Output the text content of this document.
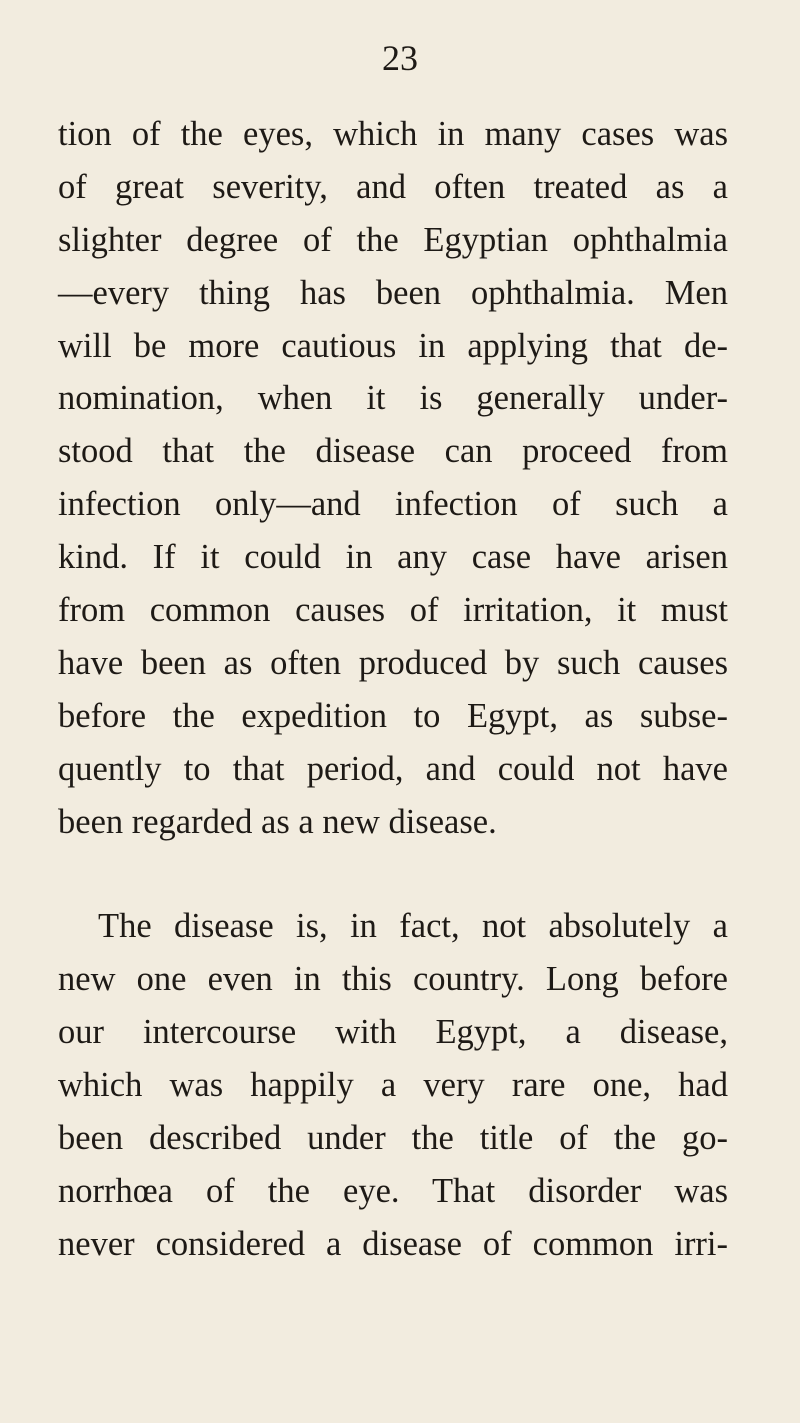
23
tion of the eyes, which in many cases was
of great severity, and often treated as a
slighter degree of the Egyptian ophthalmia
—every thing has been ophthalmia. Men
will be more cautious in applying that de-
nomination, when it is generally under-
stood that the disease can proceed from
infection only—and infection of such a
kind. If it could in any case have arisen
from common causes of irritation, it must
have been as often produced by such causes
before the expedition to Egypt, as subse-
quently to that period, and could not have
been regarded as a new disease.
The disease is, in fact, not absolutely a
new one even in this country. Long before
our intercourse with Egypt, a disease,
which was happily a very rare one, had
been described under the title of the go-
norrhœa of the eye. That disorder was
never considered a disease of common irri-
